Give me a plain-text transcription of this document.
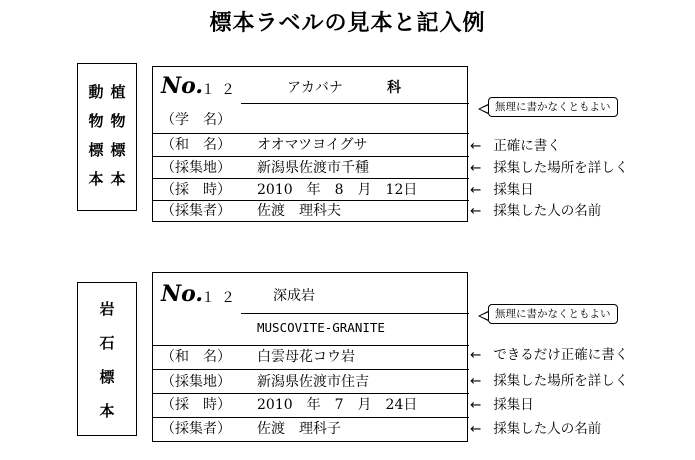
標本ラベルの見本と記入例
動
物
標
本
植
物
標
本
No.
１２	アカバナ	科
（学　名）
（和　名） オオマツヨイグサ
（採集地） 新潟県佐渡市千種
（採　時） 2010　年　8　月　12日
（採集者） 佐渡　理科夫
無理に書かなくともよい
← 正確に書く
← 採集した場所を詳しく
← 採集日
← 採集した人の名前
岩
石
標
本
No.
１２ 深成岩
MUSCOVITE-GRANITE
（和　名） 白雲母花コウ岩
（採集地） 新潟県佐渡市住吉
（採　時） 2010　年　7　月　24日
（採集者） 佐渡　理科子
無理に書かなくともよい
← できるだけ正確に書く
← 採集した場所を詳しく
← 採集日
← 採集した人の名前
